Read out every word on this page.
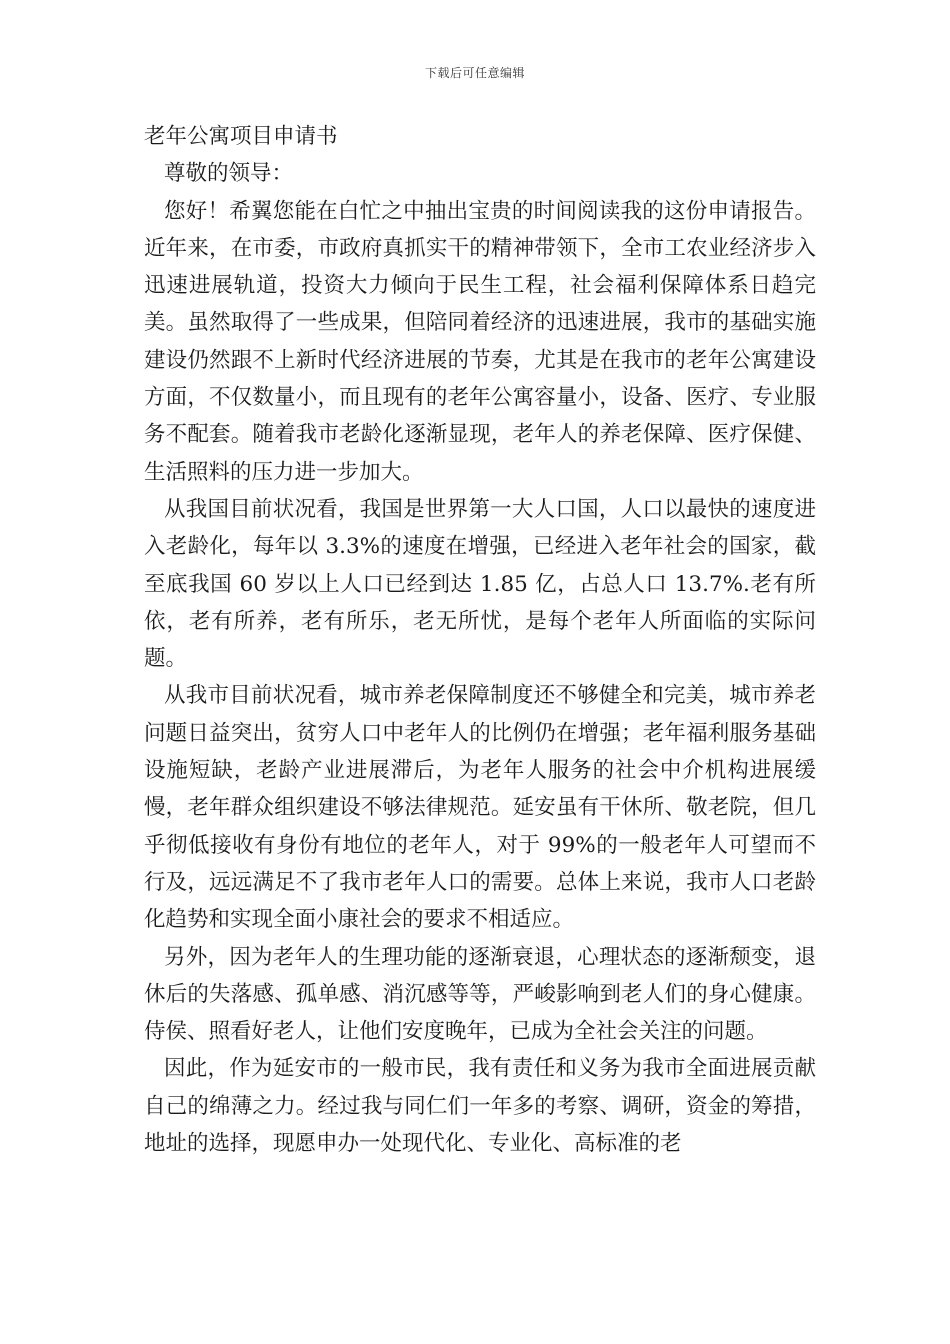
下载后可任意编辑
老年公寓项目申请书

尊敬的领导：

您好！希翼您能在白忙之中抽出宝贵的时间阅读我的这份申请报告。近年来，在市委，市政府真抓实干的精神带领下，全市工农业经济步入迅速进展轨道，投资大力倾向于民生工程，社会福利保障体系日趋完美。虽然取得了一些成果，但陪同着经济的迅速进展，我市的基础实施建设仍然跟不上新时代经济进展的节奏，尤其是在我市的老年公寓建设方面，不仅数量小，而且现有的老年公寓容量小，设备、医疗、专业服务不配套。随着我市老龄化逐渐显现，老年人的养老保障、医疗保健、生活照料的压力进一步加大。

从我国目前状况看，我国是世界第一大人口国，人口以最快的速度进入老龄化，每年以 3.3%的速度在增强，已经进入老年社会的国家，截至底我国 60 岁以上人口已经到达 1.85 亿，占总人口 13.7%.老有所依，老有所养，老有所乐，老无所忧，是每个老年人所面临的实际问题。

从我市目前状况看，城市养老保障制度还不够健全和完美，城市养老问题日益突出，贫穷人口中老年人的比例仍在增强；老年福利服务基础设施短缺，老龄产业进展滞后，为老年人服务的社会中介机构进展缓慢，老年群众组织建设不够法律规范。延安虽有干休所、敬老院，但几乎彻低接收有身份有地位的老年人，对于 99%的一般老年人可望而不行及，远远满足不了我市老年人口的需要。总体上来说，我市人口老龄化趋势和实现全面小康社会的要求不相适应。

另外，因为老年人的生理功能的逐渐衰退，心理状态的逐渐颓变，退休后的失落感、孤单感、消沉感等等，严峻影响到老人们的身心健康。侍侯、照看好老人，让他们安度晚年，已成为全社会关注的问题。

因此，作为延安市的一般市民，我有责任和义务为我市全面进展贡献自己的绵薄之力。经过我与同仁们一年多的考察、调研，资金的筹措，地址的选择，现愿申办一处现代化、专业化、高标准的老
